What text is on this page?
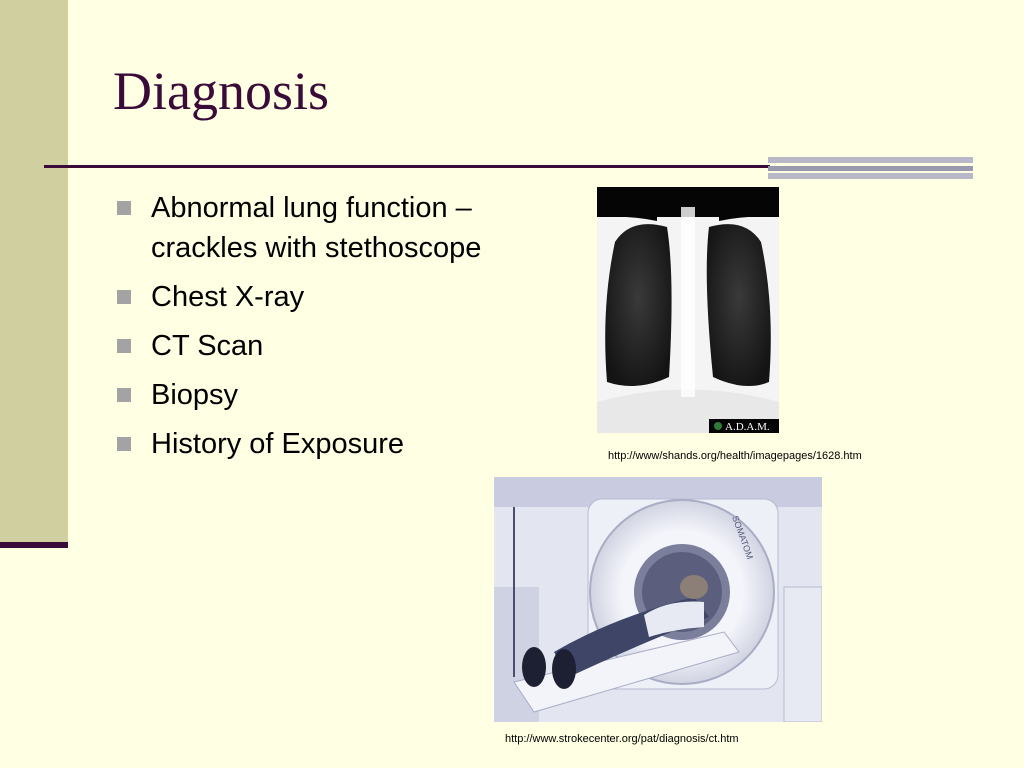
Diagnosis
Abnormal lung function – crackles with stethoscope
Chest X-ray
CT Scan
Biopsy
History of Exposure
A.D.A.M.
http://www/shands.org/health/imagepages/1628.htm
SOMATOM
http://www.strokecenter.org/pat/diagnosis/ct.htm
